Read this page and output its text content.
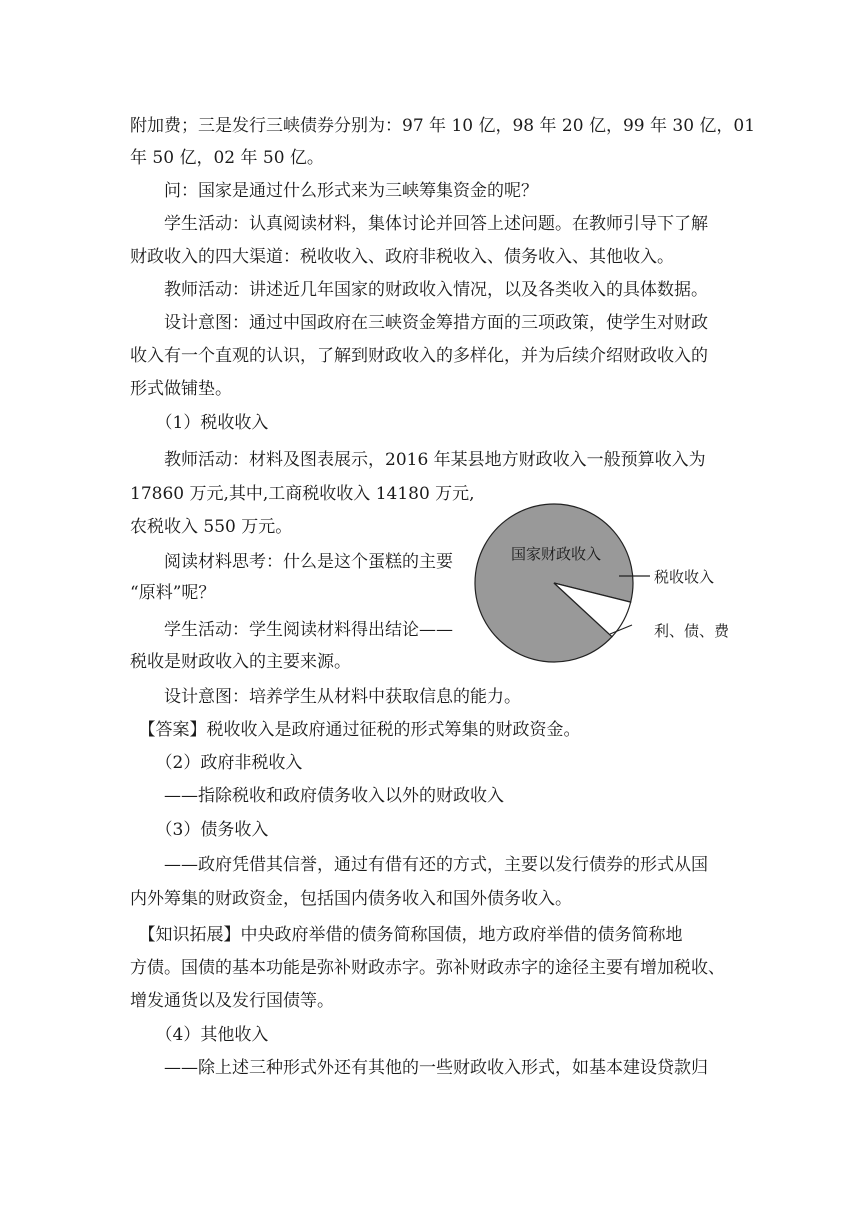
附加费；三是发行三峡债券分别为：97 年 10 亿，98 年 20 亿，99 年 30 亿，01

年 50 亿，02 年 50 亿。

　　问：国家是通过什么形式来为三峡筹集资金的呢？

　　学生活动：认真阅读材料，集体讨论并回答上述问题。在教师引导下了解

财政收入的四大渠道：税收收入、政府非税收入、债务收入、其他收入。

　　教师活动：讲述近几年国家的财政收入情况，以及各类收入的具体数据。

　　设计意图：通过中国政府在三峡资金筹措方面的三项政策，使学生对财政

收入有一个直观的认识，了解到财政收入的多样化，并为后续介绍财政收入的

形式做铺垫。

　　（1）税收收入

　　教师活动：材料及图表展示，2016 年某县地方财政收入一般预算收入为

17860 万元,其中,工商税收收入 14180 万元,

农税收入 550 万元。

　　阅读材料思考：什么是这个蛋糕的主要

“原料”呢？

　　学生活动：学生阅读材料得出结论——

税收是财政收入的主要来源。

　　设计意图：培养学生从材料中获取信息的能力。

　【答案】税收收入是政府通过征税的形式筹集的财政资金。

　　（2）政府非税收入

　　——指除税收和政府债务收入以外的财政收入

　　（3）债务收入

　　——政府凭借其信誉，通过有借有还的方式，主要以发行债券的形式从国

内外筹集的财政资金，包括国内债务收入和国外债务收入。

　【知识拓展】中央政府举借的债务简称国债，地方政府举借的债务简称地

方债。国债的基本功能是弥补财政赤字。弥补财政赤字的途径主要有增加税收、

增发通货以及发行国债等。

　　（4）其他收入

　　——除上述三种形式外还有其他的一些财政收入形式，如基本建设贷款归

国家财政收入
税收收入
利、债、费
